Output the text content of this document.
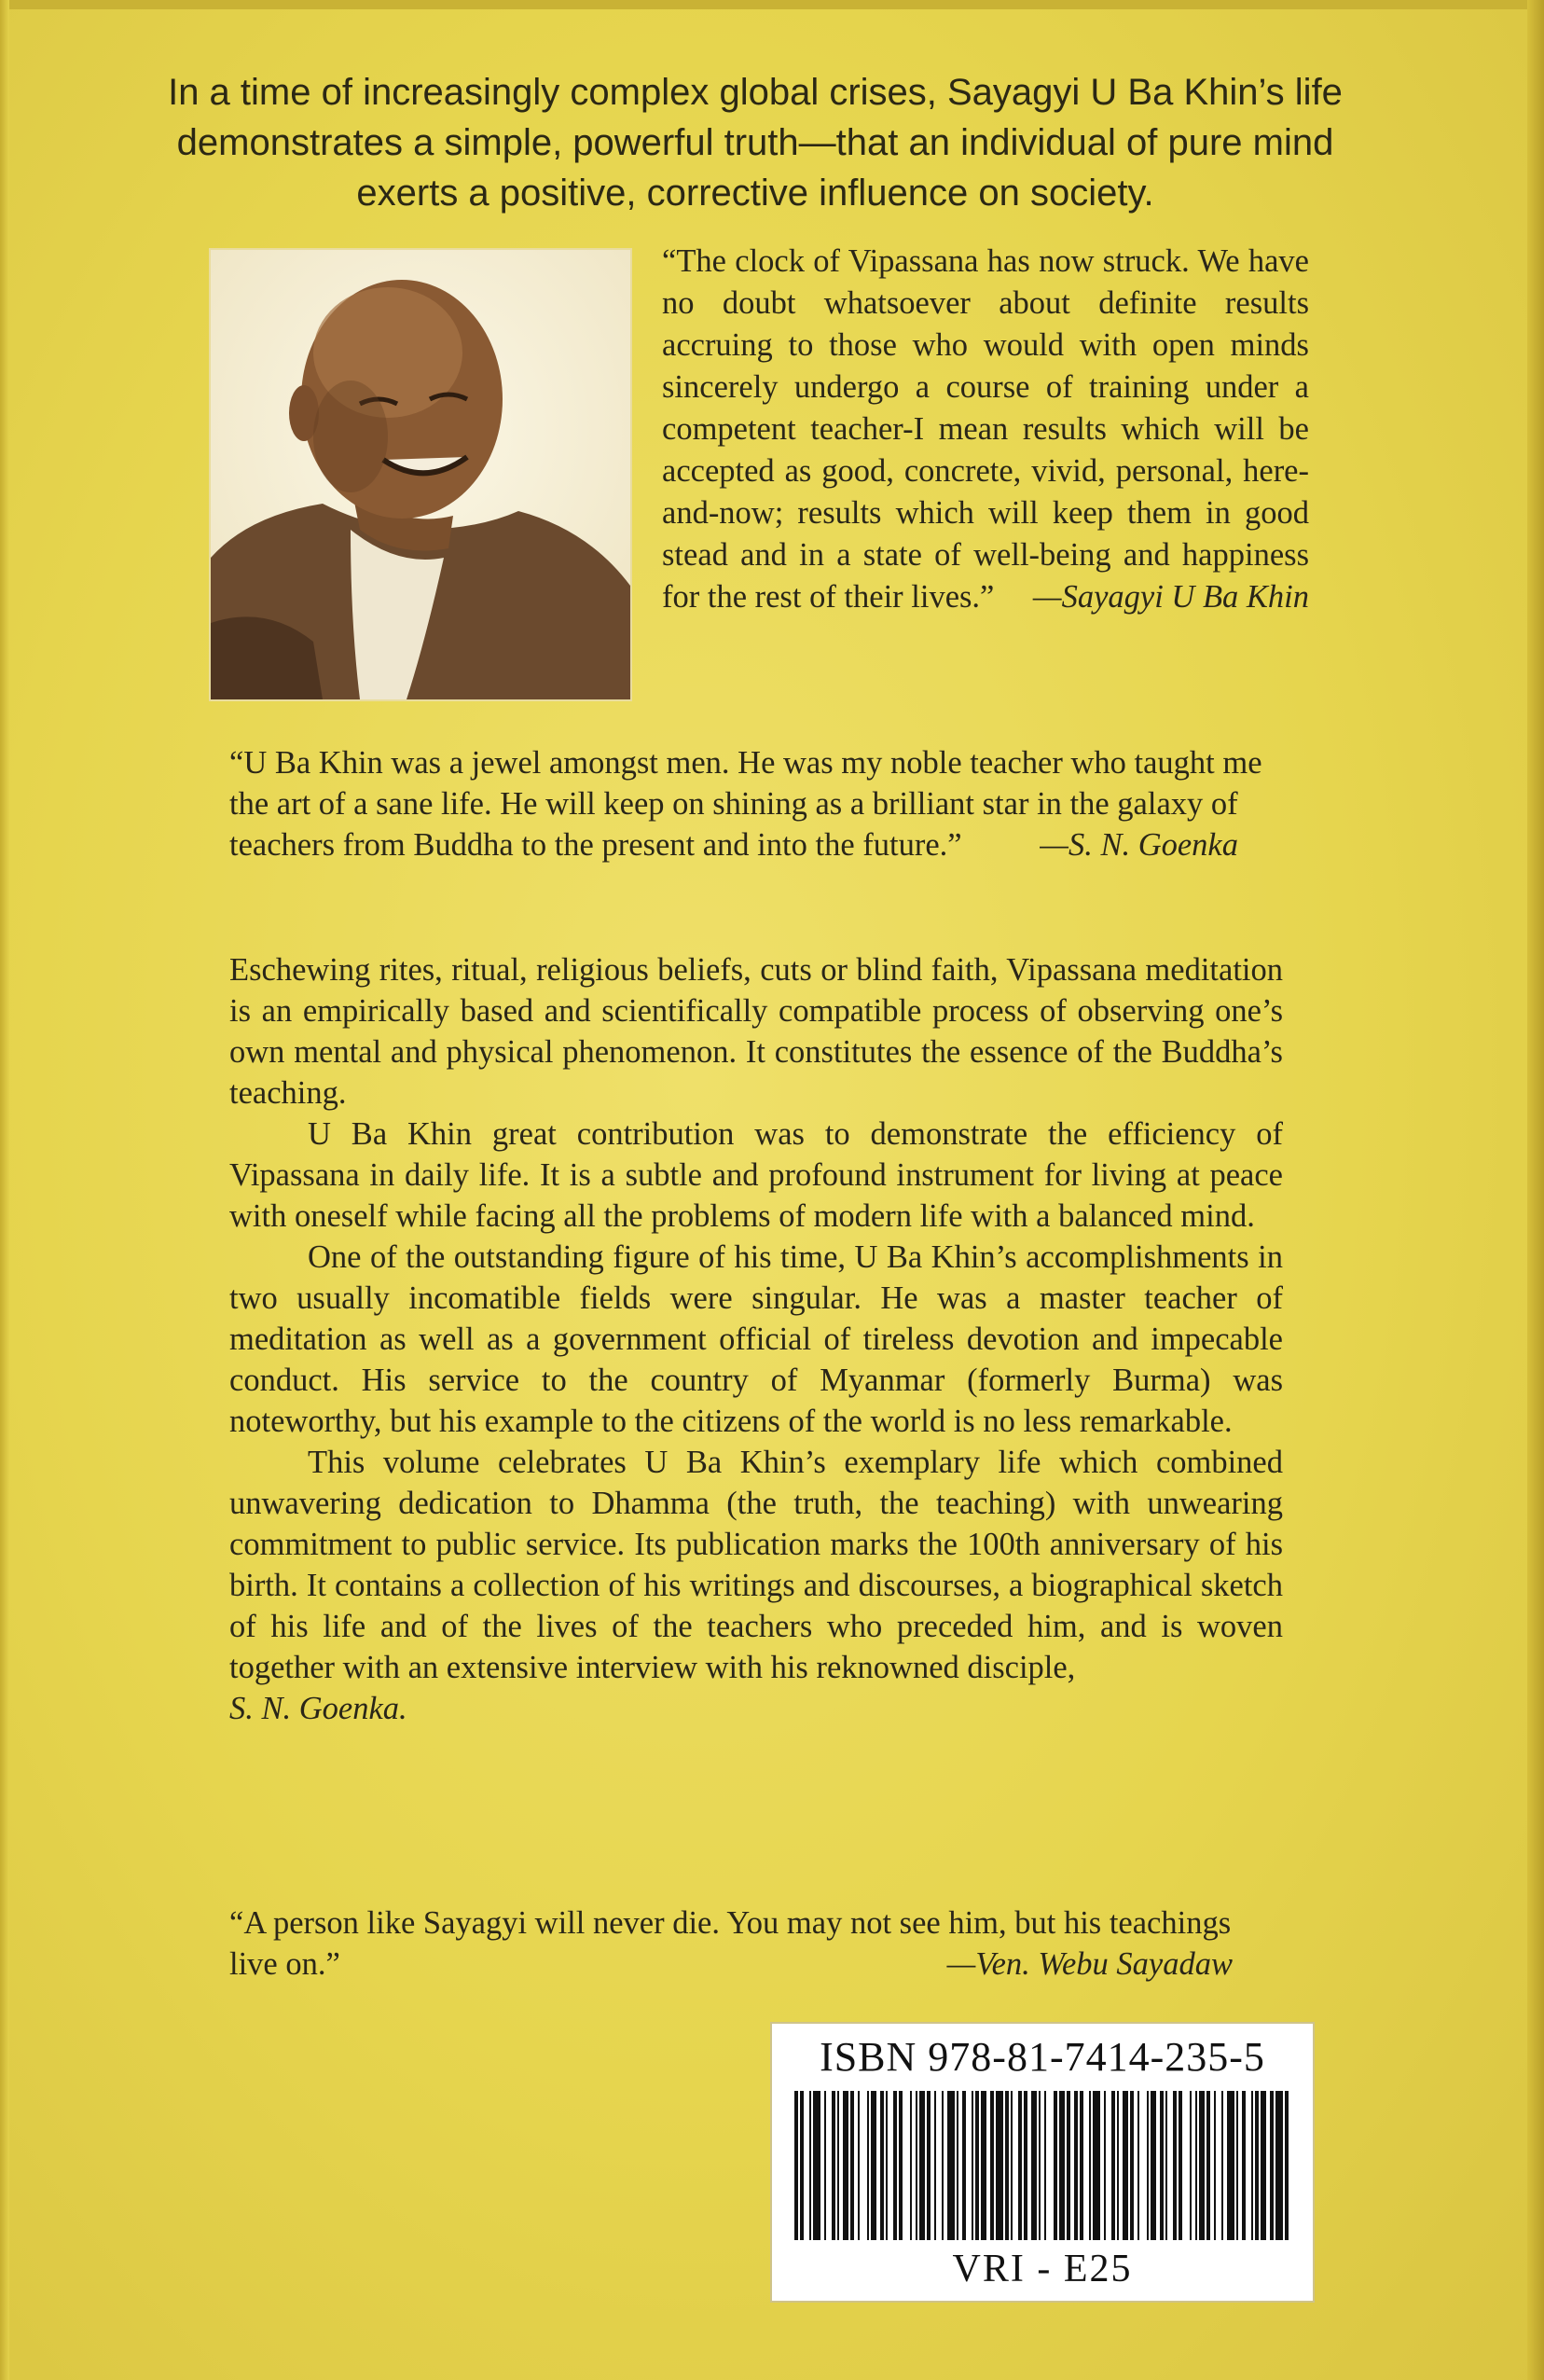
In a time of increasingly complex global crises, Sayagyi U Ba Khin’s life demonstrates a simple, powerful truth—that an individual of pure mind exerts a positive, corrective influence on society.

“The clock of Vipassana has now struck. We have no doubt whatsoever about definite results accruing to those who would with open minds sincerely undergo a course of training under a competent teacher-I mean results which will be accepted as good, concrete, vivid, personal, here-and-now; results which will keep them in good stead and in a state of well-being and happiness for the rest of their lives.” —Sayagyi U Ba Khin

“U Ba Khin was a jewel amongst men. He was my noble teacher who taught me the art of a sane life. He will keep on shining as a brilliant star in the galaxy of teachers from Buddha to the present and into the future.”	—S. N. Goenka

Eschewing rites, ritual, religious beliefs, cuts or blind faith, Vipassana meditation is an empirically based and scientifically compatible process of observing one’s own mental and physical phenomenon. It constitutes the essence of the Buddha’s teaching.

U Ba Khin great contribution was to demonstrate the efficiency of Vipassana in daily life. It is a subtle and profound instrument for living at peace with oneself while facing all the problems of modern life with a balanced mind.

One of the outstanding figure of his time, U Ba Khin’s accomplishments in two usually incomatible fields were singular. He was a master teacher of meditation as well as a government official of tireless devotion and impecable conduct. His service to the country of Myanmar (formerly Burma) was noteworthy, but his example to the citizens of the world is no less remarkable.

This volume celebrates U Ba Khin’s exemplary life which combined unwavering dedication to Dhamma (the truth, the teaching) with unwearing commitment to public service. Its publication marks the 100th anniversary of his birth. It contains a collection of his writings and discourses, a biographical sketch of his life and of the lives of the teachers who preceded him, and is woven together with an extensive interview with his reknowned disciple,
S. N. Goenka.

“A person like Sayagyi will never die. You may not see him, but his teachings live on.”	—Ven. Webu Sayadaw

ISBN 978-81-7414-235-5
VRI - E25
